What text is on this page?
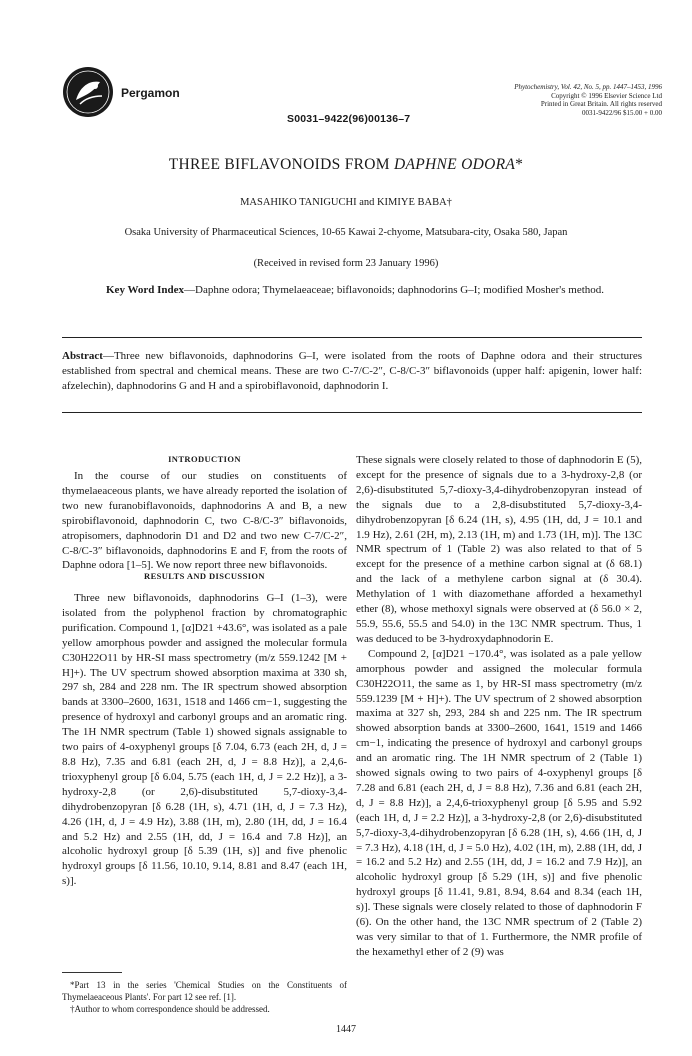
Pergamon	Phytochemistry, Vol. 42, No. 5, pp. 1447–1453, 1996
Copyright © 1996 Elsevier Science Ltd
Printed in Great Britain. All rights reserved
0031-9422/96 $15.00 + 0.00
S0031–9422(96)00136–7
THREE BIFLAVONOIDS FROM DAPHNE ODORA*
MASAHIKO TANIGUCHI and KIMIYE BABA†
Osaka University of Pharmaceutical Sciences, 10-65 Kawai 2-chyome, Matsubara-city, Osaka 580, Japan
(Received in revised form 23 January 1996)
Key Word Index—Daphne odora; Thymelaeaceae; biflavonoids; daphnodorins G–I; modified Mosher's method.
Abstract—Three new biflavonoids, daphnodorins G–I, were isolated from the roots of Daphne odora and their structures established from spectral and chemical means. These are two C-7/C-2″, C-8/C-3″ biflavonoids (upper half: apigenin, lower half: afzelechin), daphnodorins G and H and a spirobiflavonoid, daphnodorin I.
INTRODUCTION

In the course of our studies on constituents of thymelaeaceous plants, we have already reported the isolation of two new furanobiflavonoids, daphnodorins A and B, a new spirobiflavonoid, daphnodorin C, two C-8/C-3″ biflavonoids, atropisomers, daphnodorin D1 and D2 and two new C-7/C-2″, C-8/C-3″ biflavonoids, daphnodorins E and F, from the roots of Daphne odora [1–5]. We now report three new biflavonoids.

RESULTS AND DISCUSSION

Three new biflavonoids, daphnodorins G–I (1–3), were isolated from the polyphenol fraction by chromatographic purification. Compound 1, [α]D21 +43.6°, was isolated as a pale yellow amorphous powder and assigned the molecular formula C30H22O11 by HR-SI mass spectrometry (m/z 559.1242 [M + H]+). The UV spectrum showed absorption maxima at 330 sh, 297 sh, 284 and 228 nm. The IR spectrum showed absorption bands at 3300–2600, 1631, 1518 and 1466 cm−1, suggesting the presence of hydroxyl and carbonyl groups and an aromatic ring. The 1H NMR spectrum (Table 1) showed signals assignable to two pairs of 4-oxyphenyl groups [δ 7.04, 6.73 (each 2H, d, J = 8.8 Hz), 7.35 and 6.81 (each 2H, d, J = 8.8 Hz)], a 2,4,6-trioxyphenyl group [δ 6.04, 5.75 (each 1H, d, J = 2.2 Hz)], a 3-hydroxy-2,8 (or 2,6)-disubstituted 5,7-dioxy-3,4-dihydrobenzopyran [δ 6.28 (1H, s), 4.71 (1H, d, J = 7.3 Hz), 4.26 (1H, d, J = 4.9 Hz), 3.88 (1H, m), 2.80 (1H, dd, J = 16.4 and 5.2 Hz) and 2.55 (1H, dd, J = 16.4 and 7.8 Hz)], an alcoholic hydroxyl group [δ 5.39 (1H, s)] and five phenolic hydroxyl groups [δ 11.56, 10.10, 9.14, 8.81 and 8.47 (each 1H, s)].

*Part 13 in the series 'Chemical Studies on the Constituents of Thymelaeaceous Plants'. For part 12 see ref. [1].

†Author to whom correspondence should be addressed.

These signals were closely related to those of daphnodorin E (5), except for the presence of signals due to a 3-hydroxy-2,8 (or 2,6)-disubstituted 5,7-dioxy-3,4-dihydrobenzopyran instead of the signals due to a 2,8-disubstituted 5,7-dioxy-3,4-dihydrobenzopyran [δ 6.24 (1H, s), 4.95 (1H, dd, J = 10.1 and 1.9 Hz), 2.61 (2H, m), 2.13 (1H, m) and 1.73 (1H, m)]. The 13C NMR spectrum of 1 (Table 2) was also related to that of 5 except for the presence of a methine carbon signal at (δ 68.1) and the lack of a methylene carbon signal at (δ 30.4). Methylation of 1 with diazomethane afforded a hexamethyl ether (8), whose methoxyl signals were observed at (δ 56.0 × 2, 55.9, 55.6, 55.5 and 54.0) in the 13C NMR spectrum. Thus, 1 was deduced to be 3-hydroxydaphnodorin E.

Compound 2, [α]D21 −170.4°, was isolated as a pale yellow amorphous powder and assigned the molecular formula C30H22O11, the same as 1, by HR-SI mass spectrometry (m/z 559.1239 [M + H]+). The UV spectrum of 2 showed absorption maxima at 327 sh, 293, 284 sh and 225 nm. The IR spectrum showed absorption bands at 3300–2600, 1641, 1519 and 1466 cm−1, indicating the presence of hydroxyl and carbonyl groups and an aromatic ring. The 1H NMR spectrum of 2 (Table 1) showed signals owing to two pairs of 4-oxyphenyl groups [δ 7.28 and 6.81 (each 2H, d, J = 8.8 Hz), 7.36 and 6.81 (each 2H, d, J = 8.8 Hz)], a 2,4,6-trioxyphenyl group [δ 5.95 and 5.92 (each 1H, d, J = 2.2 Hz)], a 3-hydroxy-2,8 (or 2,6)-disubstituted 5,7-dioxy-3,4-dihydrobenzopyran [δ 6.28 (1H, s), 4.66 (1H, d, J = 7.3 Hz), 4.18 (1H, d, J = 5.0 Hz), 4.02 (1H, m), 2.88 (1H, dd, J = 16.2 and 5.2 Hz) and 2.55 (1H, dd, J = 16.2 and 7.9 Hz)], an alcoholic hydroxyl group [δ 5.29 (1H, s)] and five phenolic hydroxyl groups [δ 11.41, 9.81, 8.94, 8.64 and 8.34 (each 1H, s)]. These signals were closely related to those of daphnodorin F (6). On the other hand, the 13C NMR spectrum of 2 (Table 2) was very similar to that of 1. Furthermore, the NMR profile of the hexamethyl ether of 2 (9) was

1447
